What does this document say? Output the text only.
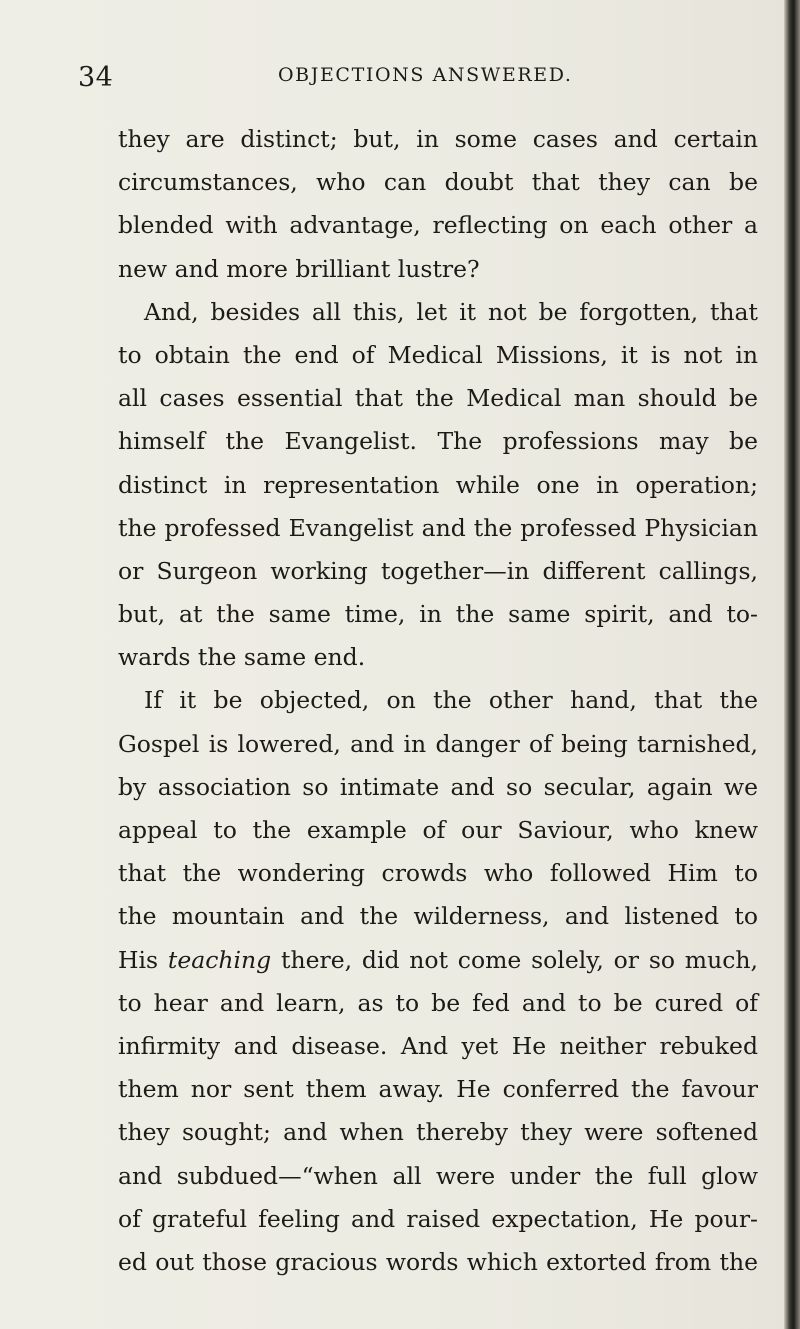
34	OBJECTIONS ANSWERED.
they are distinct; but, in some cases and certain
circumstances, who can doubt that they can be
blended with advantage, reflecting on each other a
new and more brilliant lustre?
And, besides all this, let it not be forgotten, that
to obtain the end of Medical Missions, it is not in
all cases essential that the Medical man should be
himself the Evangelist. The professions may be
distinct in representation while one in operation;
the professed Evangelist and the professed Physician
or Surgeon working together—in different callings,
but, at the same time, in the same spirit, and to-
wards the same end.
If it be objected, on the other hand, that the
Gospel is lowered, and in danger of being tarnished,
by association so intimate and so secular, again we
appeal to the example of our Saviour, who knew
that the wondering crowds who followed Him to
the mountain and the wilderness, and listened to
His teaching there, did not come solely, or so much,
to hear and learn, as to be fed and to be cured of
infirmity and disease. And yet He neither rebuked
them nor sent them away. He conferred the favour
they sought; and when thereby they were softened
and subdued—“when all were under the full glow
of grateful feeling and raised expectation, He pour-
ed out those gracious words which extorted from the
